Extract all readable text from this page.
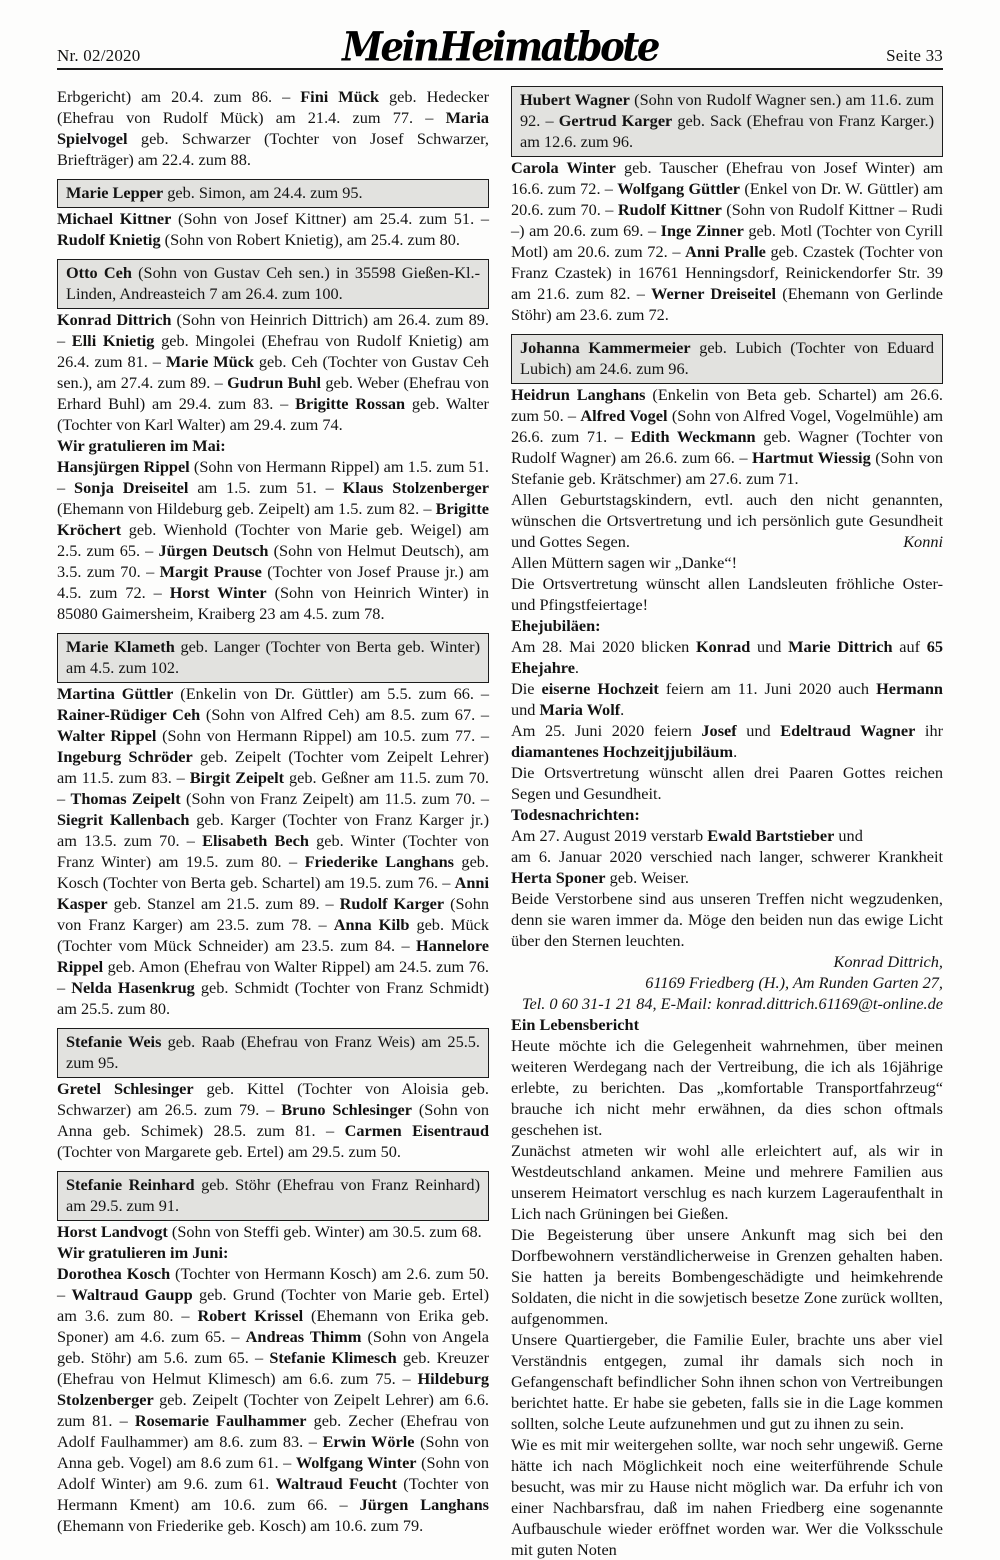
Nr. 02/2020	Mein Heimatbote	Seite 33

Erbgericht) am 20.4. zum 86. – Fini Mück geb. Hedecker (Ehefrau von Rudolf Mück) am 21.4. zum 77. – Maria Spielvogel geb. Schwarzer (Tochter von Josef Schwarzer, Briefträger) am 22.4. zum 88.

Marie Lepper geb. Simon, am 24.4. zum 95.

Michael Kittner (Sohn von Josef Kittner) am 25.4. zum 51. – Rudolf Knietig (Sohn von Robert Knietig), am 25.4. zum 80.

Otto Ceh (Sohn von Gustav Ceh sen.) in 35598 Gießen-Kl.-Linden, Andreasteich 7 am 26.4. zum 100.

Konrad Dittrich (Sohn von Heinrich Dittrich) am 26.4. zum 89. – Elli Knietig geb. Mingolei (Ehefrau von Rudolf Knietig) am 26.4. zum 81. – Marie Mück geb. Ceh (Tochter von Gustav Ceh sen.), am 27.4. zum 89. – Gudrun Buhl geb. Weber (Ehefrau von Erhard Buhl) am 29.4. zum 83. – Brigitte Rossan geb. Walter (Tochter von Karl Walter) am 29.4. zum 74.

Wir gratulieren im Mai:

Hansjürgen Rippel (Sohn von Hermann Rippel) am 1.5. zum 51. – Sonja Dreiseitel am 1.5. zum 51. – Klaus Stolzenberger (Ehemann von Hildeburg geb. Zeipelt) am 1.5. zum 82. – Brigitte Kröchert geb. Wienhold (Tochter von Marie geb. Weigel) am 2.5. zum 65. – Jürgen Deutsch (Sohn von Helmut Deutsch), am 3.5. zum 70. – Margit Prause (Tochter von Josef Prause jr.) am 4.5. zum 72. – Horst Winter (Sohn von Heinrich Winter) in 85080 Gaimersheim, Kraiberg 23 am 4.5. zum 78.

Marie Klameth geb. Langer (Tochter von Berta geb. Winter) am 4.5. zum 102.

Martina Güttler (Enkelin von Dr. Güttler) am 5.5. zum 66. – Rainer-Rüdiger Ceh (Sohn von Alfred Ceh) am 8.5. zum 67. – Walter Rippel (Sohn von Hermann Rippel) am 10.5. zum 77. – Ingeburg Schröder geb. Zeipelt (Tochter vom Zeipelt Lehrer) am 11.5. zum 83. – Birgit Zeipelt geb. Geßner am 11.5. zum 70. – Thomas Zeipelt (Sohn von Franz Zeipelt) am 11.5. zum 70. – Siegrit Kallenbach geb. Karger (Tochter von Franz Karger jr.) am 13.5. zum 70. – Elisabeth Bech geb. Winter (Tochter von Franz Winter) am 19.5. zum 80. – Friederike Langhans geb. Kosch (Tochter von Berta geb. Schartel) am 19.5. zum 76. – Anni Kasper geb. Stanzel am 21.5. zum 89. – Rudolf Karger (Sohn von Franz Karger) am 23.5. zum 78. – Anna Kilb geb. Mück (Tochter vom Mück Schneider) am 23.5. zum 84. – Hannelore Rippel geb. Amon (Ehefrau von Walter Rippel) am 24.5. zum 76. – Nelda Hasenkrug geb. Schmidt (Tochter von Franz Schmidt) am 25.5. zum 80.

Stefanie Weis geb. Raab (Ehefrau von Franz Weis) am 25.5. zum 95.

Gretel Schlesinger geb. Kittel (Tochter von Aloisia geb. Schwarzer) am 26.5. zum 79. – Bruno Schlesinger (Sohn von Anna geb. Schimek) 28.5. zum 81. – Carmen Eisentraud (Tochter von Margarete geb. Ertel) am 29.5. zum 50.

Stefanie Reinhard geb. Stöhr (Ehefrau von Franz Reinhard) am 29.5. zum 91.

Horst Landvogt (Sohn von Steffi geb. Winter) am 30.5. zum 68.

Wir gratulieren im Juni:

Dorothea Kosch (Tochter von Hermann Kosch) am 2.6. zum 50. – Waltraud Gaupp geb. Grund (Tochter von Marie geb. Ertel) am 3.6. zum 80. – Robert Krissel (Ehemann von Erika geb. Sponer) am 4.6. zum 65. – Andreas Thimm (Sohn von Angela geb. Stöhr) am 5.6. zum 65. – Stefanie Klimesch geb. Kreuzer (Ehefrau von Helmut Klimesch) am 6.6. zum 75. – Hildeburg Stolzenberger geb. Zeipelt (Tochter von Zeipelt Lehrer) am 6.6. zum 81. – Rosemarie Faulhammer geb. Zecher (Ehefrau von Adolf Faulhammer) am 8.6. zum 83. – Erwin Wörle (Sohn von Anna geb. Vogel) am 8.6 zum 61. – Wolfgang Winter (Sohn von Adolf Winter) am 9.6. zum 61. Waltraud Feucht (Tochter von Hermann Kment) am 10.6. zum 66. – Jürgen Langhans (Ehemann von Friederike geb. Kosch) am 10.6. zum 79.

Hubert Wagner (Sohn von Rudolf Wagner sen.) am 11.6. zum 92. – Gertrud Karger geb. Sack (Ehefrau von Franz Karger.) am 12.6. zum 96.

Carola Winter geb. Tauscher (Ehefrau von Josef Winter) am 16.6. zum 72. – Wolfgang Güttler (Enkel von Dr. W. Güttler) am 20.6. zum 70. – Rudolf Kittner (Sohn von Rudolf Kittner – Rudi –) am 20.6. zum 69. – Inge Zinner geb. Motl (Tochter von Cyrill Motl) am 20.6. zum 72. – Anni Pralle geb. Czastek (Tochter von Franz Czastek) in 16761 Henningsdorf, Reinickendorfer Str. 39 am 21.6. zum 82. – Werner Dreiseitel (Ehemann von Gerlinde Stöhr) am 23.6. zum 72.

Johanna Kammermeier geb. Lubich (Tochter von Eduard Lubich) am 24.6. zum 96.

Heidrun Langhans (Enkelin von Beta geb. Schartel) am 26.6. zum 50. – Alfred Vogel (Sohn von Alfred Vogel, Vogelmühle) am 26.6. zum 71. – Edith Weckmann geb. Wagner (Tochter von Rudolf Wagner) am 26.6. zum 66. – Hartmut Wiessig (Sohn von Stefanie geb. Krätschmer) am 27.6. zum 71.

Allen Geburtstagskindern, evtl. auch den nicht genannten, wünschen die Ortsvertretung und ich persönlich gute Gesundheit und Gottes Segen.	Konni

Allen Müttern sagen wir „Danke“!

Die Ortsvertretung wünscht allen Landsleuten fröhliche Oster- und Pfingstfeiertage!

Ehejubiläen:

Am 28. Mai 2020 blicken Konrad und Marie Dittrich auf 65 Ehejahre.

Die eiserne Hochzeit feiern am 11. Juni 2020 auch Hermann und Maria Wolf.

Am 25. Juni 2020 feiern Josef und Edeltraud Wagner ihr diamantenes Hochzeitjjubiläum.

Die Ortsvertretung wünscht allen drei Paaren Gottes reichen Segen und Gesundheit.

Todesnachrichten:

Am 27. August 2019 verstarb Ewald Bartstieber und
am 6. Januar 2020 verschied nach langer, schwerer Krankheit Herta Sponer geb. Weiser.

Beide Verstorbene sind aus unseren Treffen nicht wegzudenken, denn sie waren immer da. Möge den beiden nun das ewige Licht über den Sternen leuchten.

Konrad Dittrich,
61169 Friedberg (H.), Am Runden Garten 27,
Tel. 0 60 31-1 21 84, E-Mail: konrad.dittrich.61169@t-online.de

Ein Lebensbericht

Heute möchte ich die Gelegenheit wahrnehmen, über meinen weiteren Werdegang nach der Vertreibung, die ich als 16jährige erlebte, zu berichten. Das „komfortable Transportfahrzeug“ brauche ich nicht mehr erwähnen, da dies schon oftmals geschehen ist.

Zunächst atmeten wir wohl alle erleichtert auf, als wir in Westdeutschland ankamen. Meine und mehrere Familien aus unserem Heimatort verschlug es nach kurzem Lageraufenthalt in Lich nach Grüningen bei Gießen.

Die Begeisterung über unsere Ankunft mag sich bei den Dorfbewohnern verständlicherweise in Grenzen gehalten haben. Sie hatten ja bereits Bombengeschädigte und heimkehrende Soldaten, die nicht in die sowjetisch besetze Zone zurück wollten, aufgenommen.

Unsere Quartiergeber, die Familie Euler, brachte uns aber viel Verständnis entgegen, zumal ihr damals sich noch in Gefangenschaft befindlicher Sohn ihnen schon von Vertreibungen berichtet hatte. Er habe sie gebeten, falls sie in die Lage kommen sollten, solche Leute aufzunehmen und gut zu ihnen zu sein.

Wie es mit mir weitergehen sollte, war noch sehr ungewiß. Gerne hätte ich nach Möglichkeit noch eine weiterführende Schule besucht, was mir zu Hause nicht möglich war. Da erfuhr ich von einer Nachbarsfrau, daß im nahen Friedberg eine sogenannte Aufbauschule wieder eröffnet worden war. Wer die Volksschule mit guten Noten
